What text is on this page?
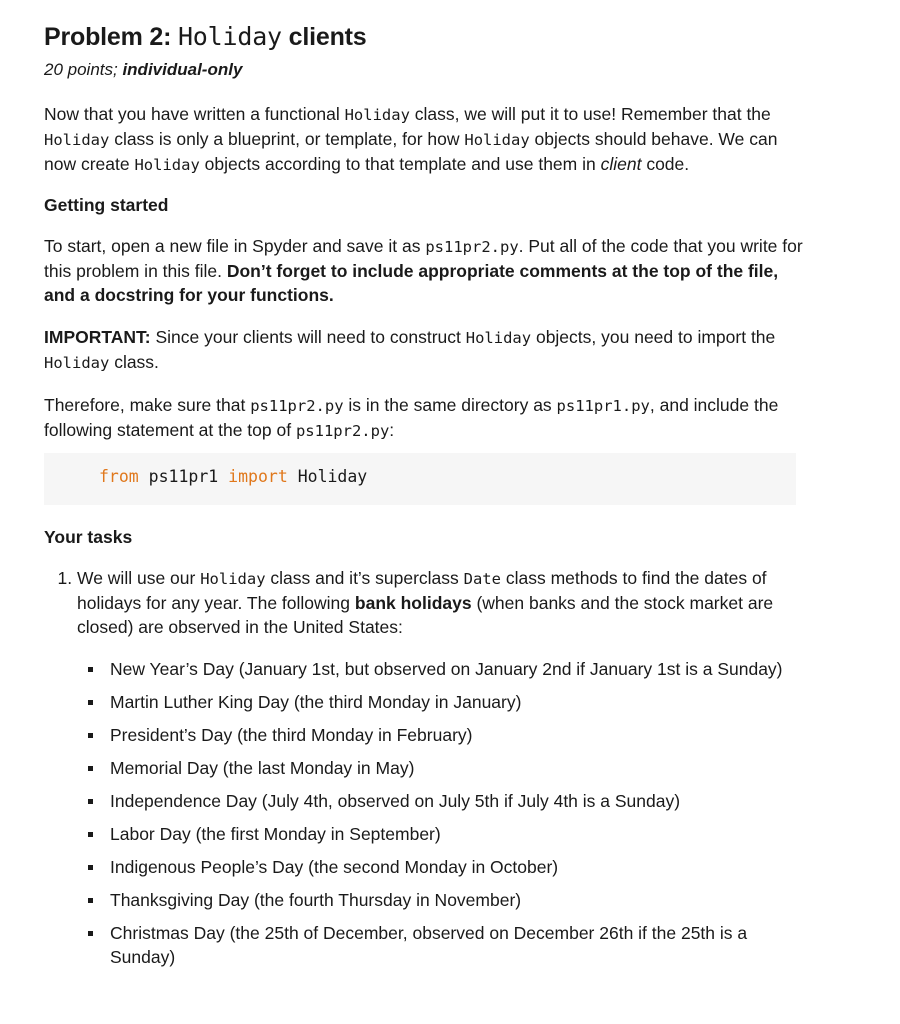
Problem 2: Holiday clients
20 points; individual-only

Now that you have written a functional Holiday class, we will put it to use! Remember that the Holiday class is only a blueprint, or template, for how Holiday objects should behave. We can now create Holiday objects according to that template and use them in client code.

Getting started

To start, open a new file in Spyder and save it as ps11pr2.py. Put all of the code that you write for this problem in this file. Don’t forget to include appropriate comments at the top of the file, and a docstring for your functions.

IMPORTANT: Since your clients will need to construct Holiday objects, you need to import the Holiday class.

Therefore, make sure that ps11pr2.py is in the same directory as ps11pr1.py, and include the following statement at the top of ps11pr2.py:

from ps11pr1 import Holiday
Your tasks
1. We will use our Holiday class and it’s superclass Date class methods to find the dates of holidays for any year. The following bank holidays (when banks and the stock market are closed) are observed in the United States:
New Year’s Day (January 1st, but observed on January 2nd if January 1st is a Sunday)
Martin Luther King Day (the third Monday in January)
President’s Day (the third Monday in February)
Memorial Day (the last Monday in May)
Independence Day (July 4th, observed on July 5th if July 4th is a Sunday)
Labor Day (the first Monday in September)
Indigenous People’s Day (the second Monday in October)
Thanksgiving Day (the fourth Thursday in November)
Christmas Day (the 25th of December, observed on December 26th if the 25th is a Sunday)
